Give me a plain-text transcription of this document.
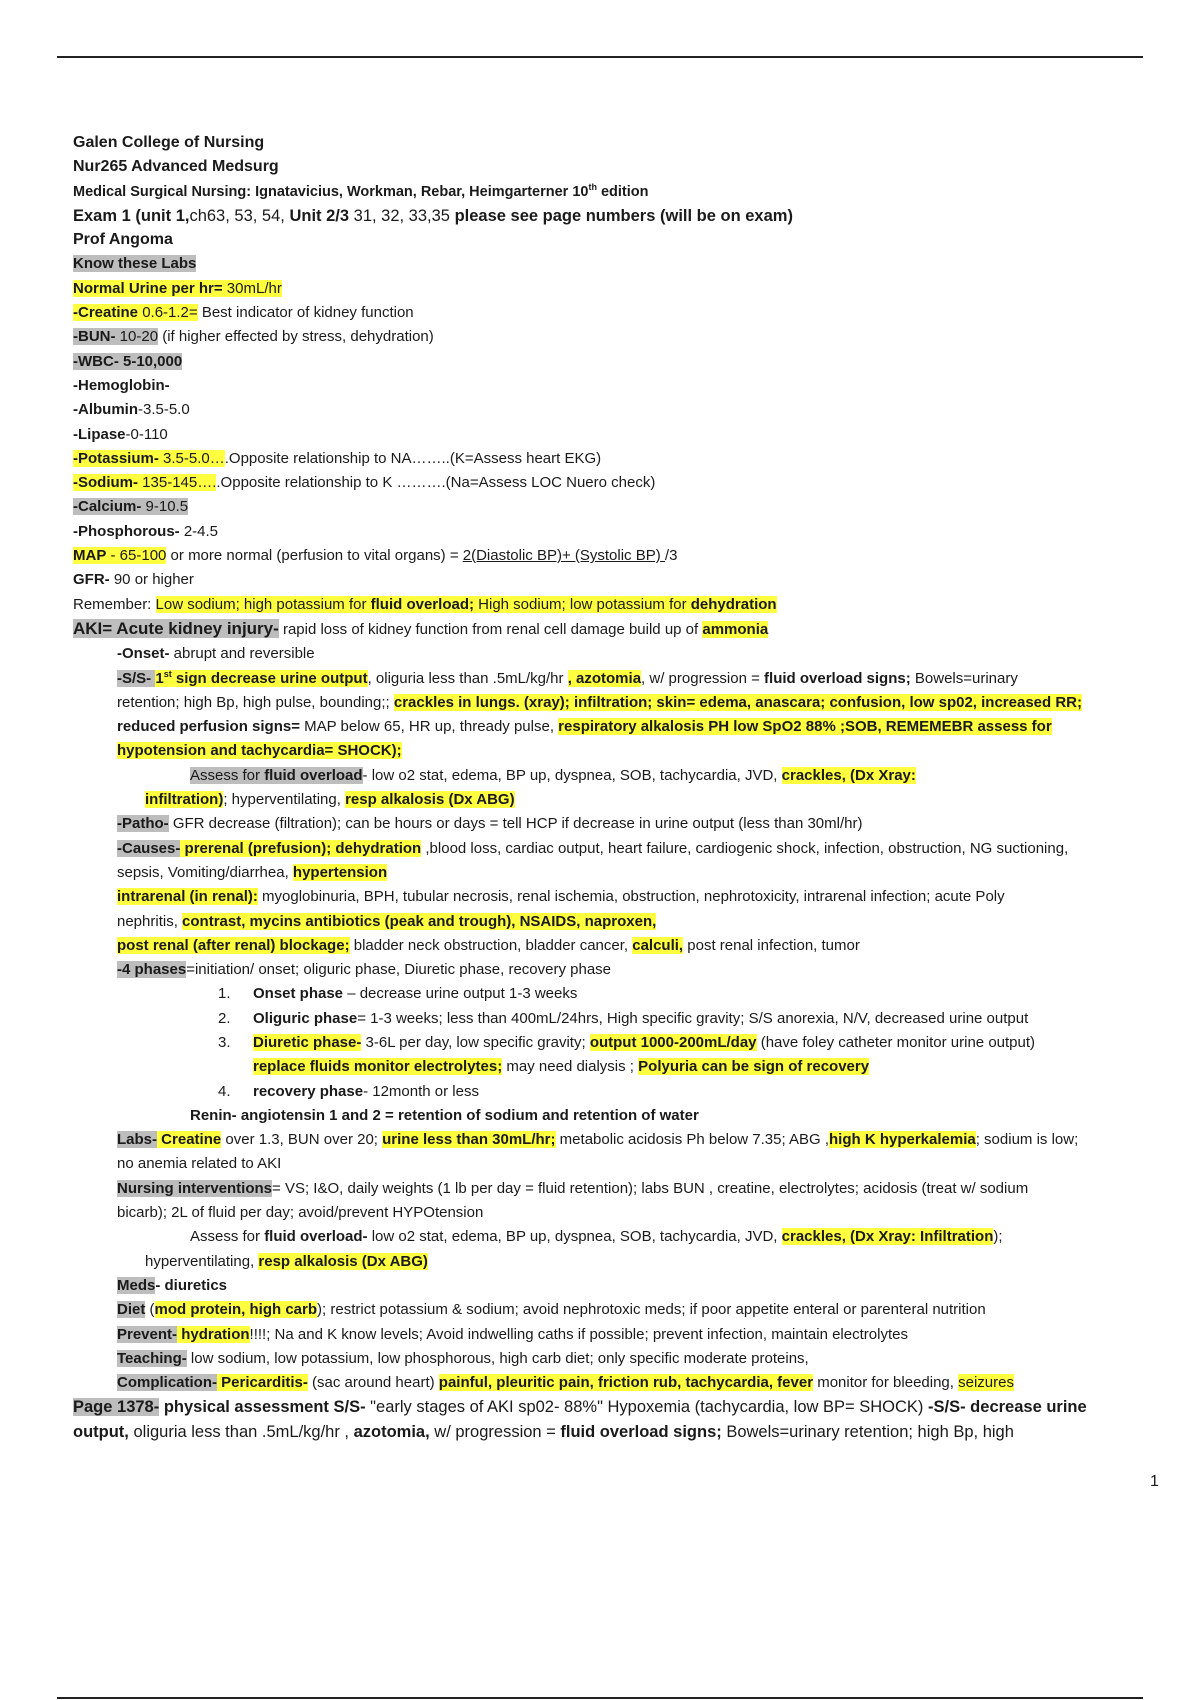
Galen College of Nursing
Nur265 Advanced Medsurg
Medical Surgical Nursing: Ignatavicius, Workman, Rebar, Heimgarterner 10th edition
Exam 1 (unit 1,ch63, 53, 54, Unit 2/3 31, 32, 33,35 please see page numbers (will be on exam)
Prof Angoma
Know these Labs
Normal Urine per hr= 30mL/hr
-Creatine 0.6-1.2= Best indicator of kidney function
-BUN- 10-20 (if higher effected by stress, dehydration)
-WBC- 5-10,000
-Hemoglobin-
-Albumin-3.5-5.0
-Lipase-0-110
-Potassium- 3.5-5.0….Opposite relationship to NA……..(K=Assess heart EKG)
-Sodium- 135-145…..Opposite relationship to K ……….(Na=Assess LOC Nuero check)
-Calcium- 9-10.5
-Phosphorous- 2-4.5
MAP - 65-100 or more normal (perfusion to vital organs) = 2(Diastolic BP)+ (Systolic BP) /3
GFR- 90 or higher
Remember: Low sodium; high potassium for fluid overload; High sodium; low potassium for dehydration
AKI= Acute kidney injury- rapid loss of kidney function from renal cell damage build up of ammonia
-Onset- abrupt and reversible
-S/S- 1st sign decrease urine output, oliguria less than .5mL/kg/hr , azotomia, w/ progression = fluid overload signs; Bowels=urinary
retention; high Bp, high pulse, bounding;; crackles in lungs. (xray); infiltration; skin= edema, anascara; confusion, low sp02, increased RR;
reduced perfusion signs= MAP below 65, HR up, thready pulse, respiratory alkalosis PH low SpO2 88% ;SOB, REMEMEBR assess for
hypotension and tachycardia= SHOCK);
Assess for fluid overload- low o2 stat, edema, BP up, dyspnea, SOB, tachycardia, JVD, crackles, (Dx Xray:
infiltration); hyperventilating, resp alkalosis (Dx ABG)
-Patho- GFR decrease (filtration); can be hours or days = tell HCP if decrease in urine output (less than 30ml/hr)
-Causes- prerenal (prefusion); dehydration ,blood loss, cardiac output, heart failure, cardiogenic shock, infection, obstruction, NG suctioning,
sepsis, Vomiting/diarrhea, hypertension
intrarenal (in renal): myoglobinuria, BPH, tubular necrosis, renal ischemia, obstruction, nephrotoxicity, intrarenal infection; acute Poly
nephritis, contrast, mycins antibiotics (peak and trough), NSAIDS, naproxen,
post renal (after renal) blockage; bladder neck obstruction, bladder cancer, calculi, post renal infection, tumor
-4 phases=initiation/ onset; oliguric phase, Diuretic phase, recovery phase
1. Onset phase – decrease urine output 1-3 weeks
2. Oliguric phase= 1-3 weeks; less than 400mL/24hrs, High specific gravity; S/S anorexia, N/V, decreased urine output
3. Diuretic phase- 3-6L per day, low specific gravity; output 1000-200mL/day (have foley catheter monitor urine output)
replace fluids monitor electrolytes; may need dialysis ; Polyuria can be sign of recovery
4. recovery phase- 12month or less
Renin- angiotensin 1 and 2 = retention of sodium and retention of water
Labs- Creatine over 1.3, BUN over 20; urine less than 30mL/hr; metabolic acidosis Ph below 7.35; ABG ,high K hyperkalemia; sodium is low;
no anemia related to AKI
Nursing interventions= VS; I&O, daily weights (1 lb per day = fluid retention); labs BUN , creatine, electrolytes; acidosis (treat w/ sodium
bicarb); 2L of fluid per day; avoid/prevent HYPOtension
Assess for fluid overload- low o2 stat, edema, BP up, dyspnea, SOB, tachycardia, JVD, crackles, (Dx Xray: Infiltration);
hyperventilating, resp alkalosis (Dx ABG)
Meds- diuretics
Diet (mod protein, high carb); restrict potassium & sodium; avoid nephrotoxic meds; if poor appetite enteral or parenteral nutrition
Prevent- hydration!!!!; Na and K know levels; Avoid indwelling caths if possible; prevent infection, maintain electrolytes
Teaching- low sodium, low potassium, low phosphorous, high carb diet; only specific moderate proteins,
Complication- Pericarditis- (sac around heart) painful, pleuritic pain, friction rub, tachycardia, fever monitor for bleeding, seizures
Page 1378- physical assessment S/S- "early stages of AKI sp02- 88%" Hypoxemia (tachycardia, low BP= SHOCK) -S/S- decrease urine
output, oliguria less than .5mL/kg/hr , azotomia, w/ progression = fluid overload signs; Bowels=urinary retention; high Bp, high
1
